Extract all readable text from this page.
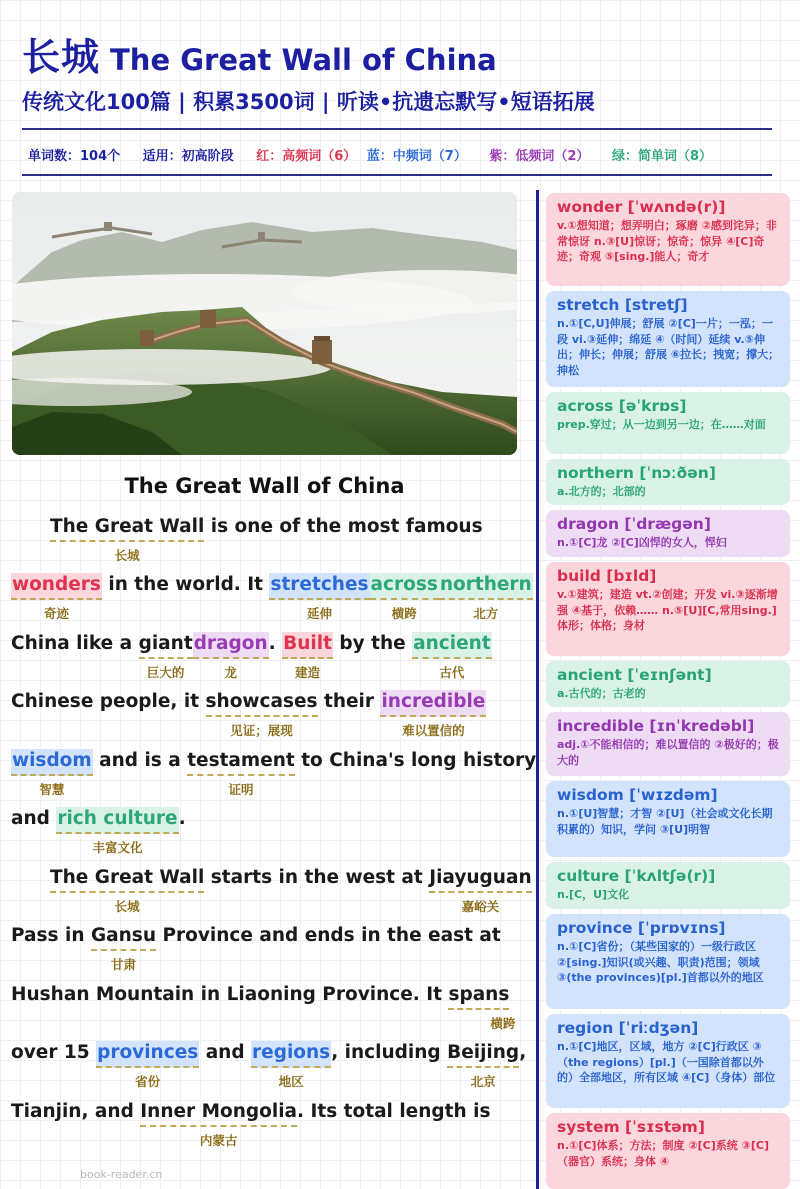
长城 The Great Wall of China
传统文化100篇 | 积累3500词 | 听读•抗遗忘默写•短语拓展
单词数：104个 适用：初高阶段 红：高频词（6） 蓝：中频词（7） 紫：低频词（2） 绿：简单词（8）
The Great Wall of China
The Great Wall
长城
is one of the most famous
wonders
奇迹
in the world. It stretches
延伸
across
横跨
northern
北方
China like a giant
巨大的
dragon
龙
. Built
建造
by the ancient
古代
Chinese people, it showcases
见证；展现
their incredible
难以置信的
wisdom
智慧
and is a testament
证明
to China's long history
and rich culture
丰富文化
.
The Great Wall
长城
starts in the west at Jiayuguan
嘉峪关
Pass in Gansu
甘肃
Province and ends in the east at
Hushan Mountain in Liaoning Province. It spans
横跨
over 15 provinces
省份
and regions
地区
, including Beijing
北京
,
Tianjin, and Inner Mongolia
内蒙古
. Its total length is
wonder [ˈwʌndə(r)]
v.①想知道；想弄明白；琢磨 ②感到诧异；非常惊讶 n.③[U]惊讶；惊奇；惊异 ④[C]奇迹；奇观 ⑤[sing.]能人；奇才
stretch [stretʃ]
n.①[C,U]伸展；舒展 ②[C]一片；一泓；一段 vi.③延伸；绵延 ④（时间）延续 v.⑤伸出；伸长；伸展；舒展 ⑥拉长；拽宽；撑大；抻松
across [əˈkrɒs]
prep.穿过；从一边到另一边；在……对面
northern [ˈnɔːðən]
a.北方的；北部的
dragon [ˈdræɡən]
n.①[C]龙 ②[C]凶悍的女人，悍妇
build [bɪld]
v.①建筑；建造 vt.②创建；开发 vi.③逐渐增强 ④基于，依赖…… n.⑤[U][C,常用sing.]体形；体格；身材
ancient [ˈeɪnʃənt]
a.古代的；古老的
incredible [ɪnˈkredəbl]
adj.①不能相信的；难以置信的 ②极好的；极大的
wisdom [ˈwɪzdəm]
n.①[U]智慧；才智 ②[U]（社会或文化长期积累的）知识，学问 ③[U]明智
culture [ˈkʌltʃə(r)]
n.[C，U]文化
province [ˈprɒvɪns]
n.①[C]省份；（某些国家的）一级行政区 ②[sing.]知识(或兴趣、职责)范围；领域 ③(the provinces)[pl.]首都以外的地区
region [ˈriːdʒən]
n.①[C]地区，区域，地方 ②[C]行政区 ③（the regions）[pl.]（一国除首都以外的）全部地区，所有区域 ④[C]（身体）部位
system [ˈsɪstəm]
n.①[C]体系；方法；制度 ②[C]系统 ③[C]（器官）系统；身体 ④
book-reader.cn
